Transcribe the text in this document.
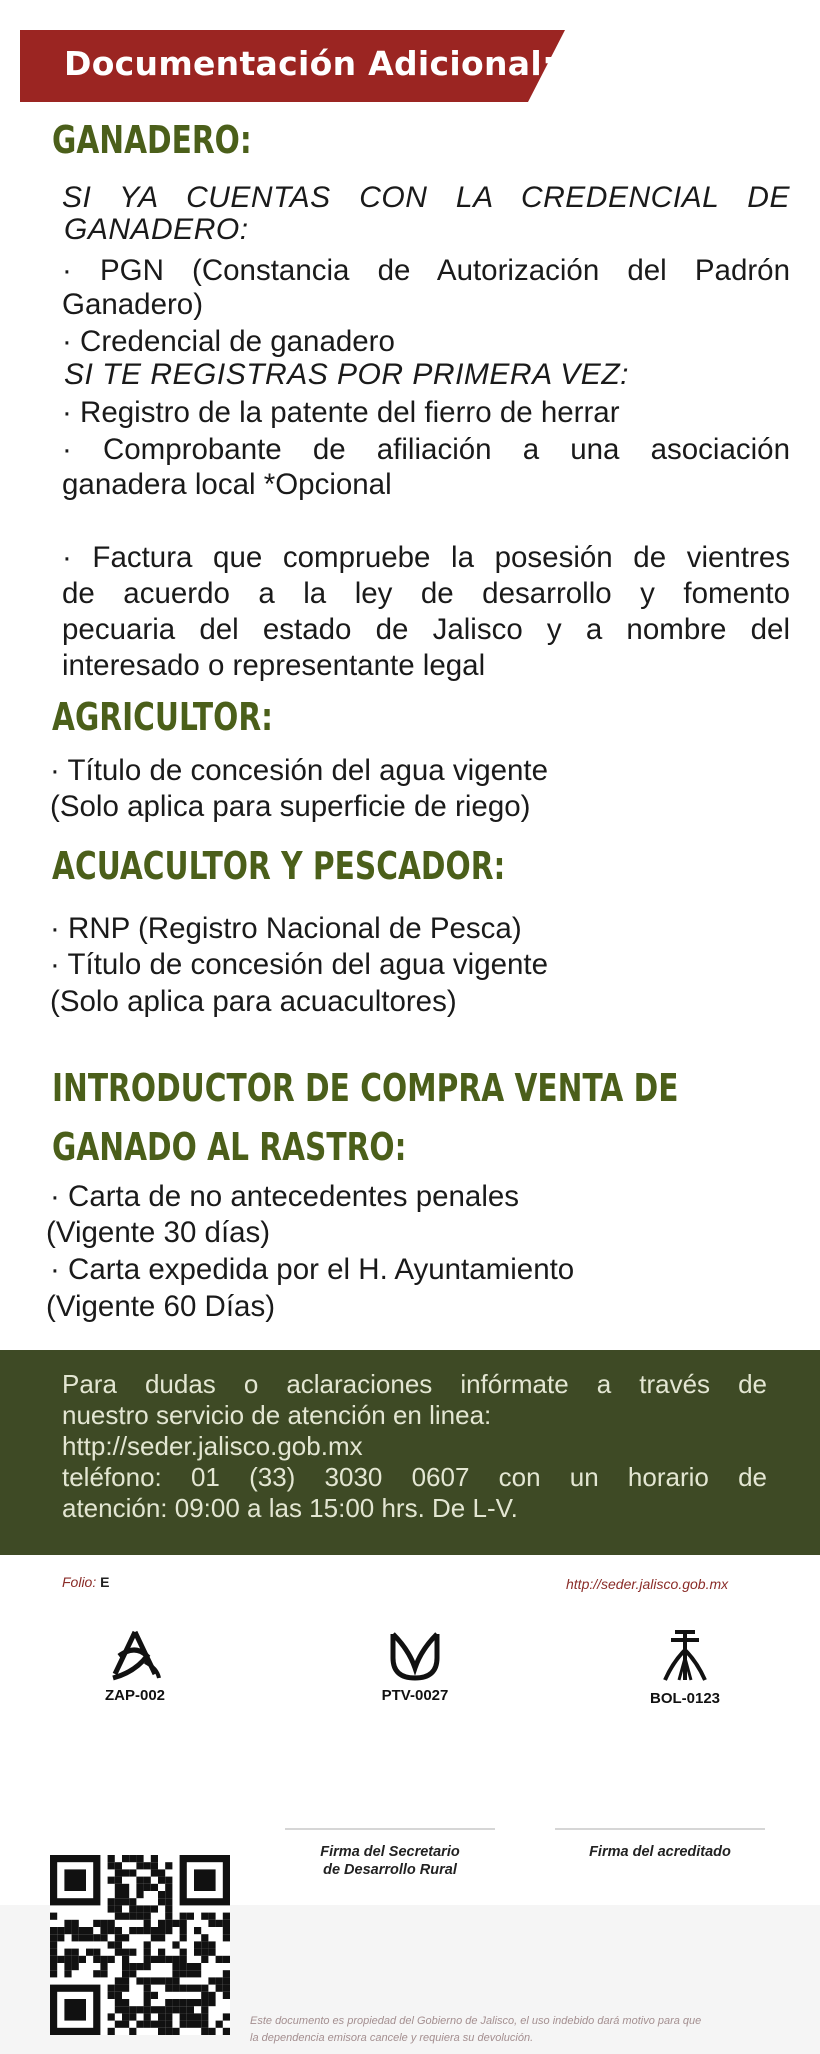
Documentación Adicional:
GANADERO:
SI YA CUENTAS CON LA CREDENCIAL DE
GANADERO:
· PGN (Constancia de Autorización del Padrón
Ganadero)
· Credencial de ganadero
SI TE REGISTRAS POR PRIMERA VEZ:
· Registro de la patente del fierro de herrar
· Comprobante de afiliación a una asociación
ganadera local *Opcional
· Factura que compruebe la posesión de vientres
de acuerdo a la ley de desarrollo y fomento
pecuaria del estado de Jalisco y a nombre del
interesado o representante legal
AGRICULTOR:
· Título de concesión del agua vigente
(Solo aplica para superficie de riego)
ACUACULTOR Y PESCADOR:
· RNP (Registro Nacional de Pesca)
· Título de concesión del agua vigente
(Solo aplica para acuacultores)
INTRODUCTOR DE COMPRA VENTA DE
GANADO AL RASTRO:
· Carta de no antecedentes penales
(Vigente 30 días)
· Carta expedida por el H. Ayuntamiento
(Vigente 60 Días)
Para dudas o aclaraciones infórmate a través de
nuestro servicio de atención en linea:
http://seder.jalisco.gob.mx
teléfono: 01 (33) 3030 0607 con un horario de
atención: 09:00 a las 15:00 hrs. De L-V.
Folio: E	http://seder.jalisco.gob.mx
ZAP-002	PTV-0027	BOL-0123
Firma del Secretario
de Desarrollo Rural
Firma del acreditado
Este documento es propiedad del Gobierno de Jalisco, el uso indebido dará motivo para que
la dependencia emisora cancele y requiera su devolución.
